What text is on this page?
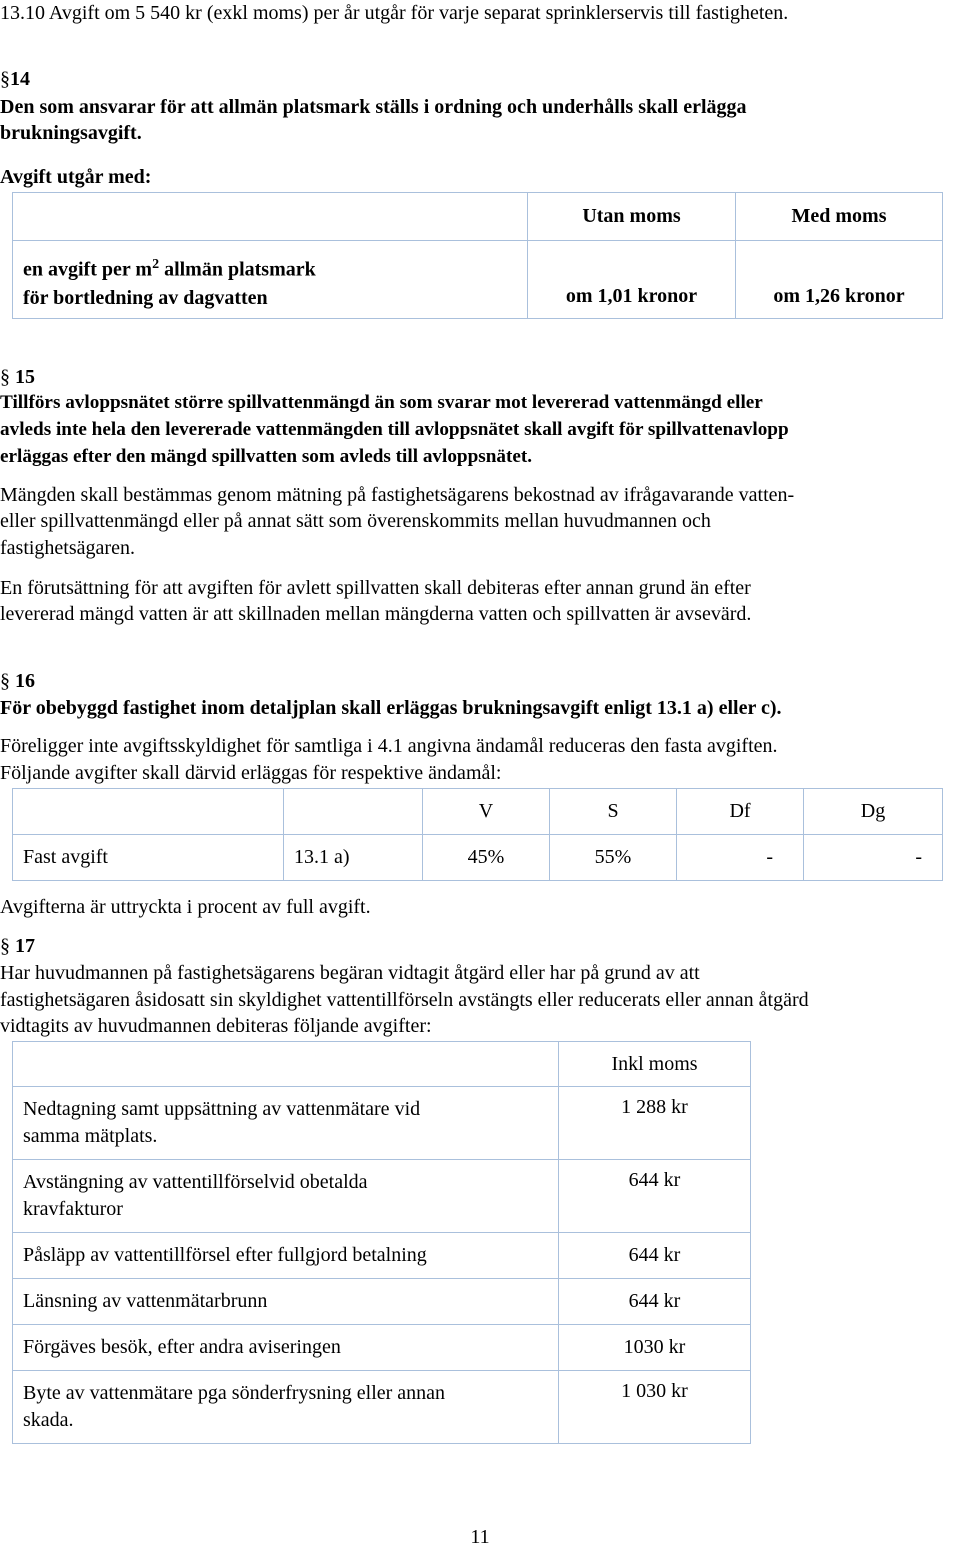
13.10 Avgift om 5 540 kr (exkl moms) per år utgår för varje separat sprinklerservis till fastigheten.
§14
Den som ansvarar för att allmän platsmark ställs i ordning och underhålls skall erlägga
brukningsavgift.
Avgift utgår med:
	Utan moms	Med moms
en avgift per $m^2$ allmän platsmark
för bortledning av dagvatten	om 1,01 kronor	om 1,26 kronor
§ 15
Tillförs avloppsnätet större spillvattenmängd än som svarar mot levererad vattenmängd eller
avleds inte hela den levererade vattenmängden till avloppsnätet skall avgift för spillvattenavlopp
erläggas efter den mängd spillvatten som avleds till avloppsnätet.
Mängden skall bestämmas genom mätning på fastighetsägarens bekostnad av ifrågavarande vatten-
eller spillvattenmängd eller på annat sätt som överenskommits mellan huvudmannen och
fastighetsägaren.
En förutsättning för att avgiften för avlett spillvatten skall debiteras efter annan grund än efter
levererad mängd vatten är att skillnaden mellan mängderna vatten och spillvatten är avsevärd.
§ 16
För obebyggd fastighet inom detaljplan skall erläggas brukningsavgift enligt 13.1 a) eller c).
Föreligger inte avgiftsskyldighet för samtliga i 4.1 angivna ändamål reduceras den fasta avgiften.
Följande avgifter skall därvid erläggas för respektive ändamål:
		V	S	Df	Dg
Fast avgift	13.1 a)	45%	55%	-	-
Avgifterna är uttryckta i procent av full avgift.
§ 17
Har huvudmannen på fastighetsägarens begäran vidtagit åtgärd eller har på grund av att
fastighetsägaren åsidosatt sin skyldighet vattentillförseln avstängts eller reducerats eller annan åtgärd
vidtagits av huvudmannen debiteras följande avgifter:
	Inkl moms
Nedtagning samt uppsättning av vattenmätare vid
samma mätplats.	1 288 kr
Avstängning av vattentillförselvid obetalda
kravfakturor	644 kr
Påsläpp av vattentillförsel efter fullgjord betalning	644 kr
Länsning av vattenmätarbrunn	644 kr
Förgäves besök, efter andra aviseringen	1030 kr
Byte av vattenmätare pga sönderfrysning eller annan
skada.	1 030 kr
11
